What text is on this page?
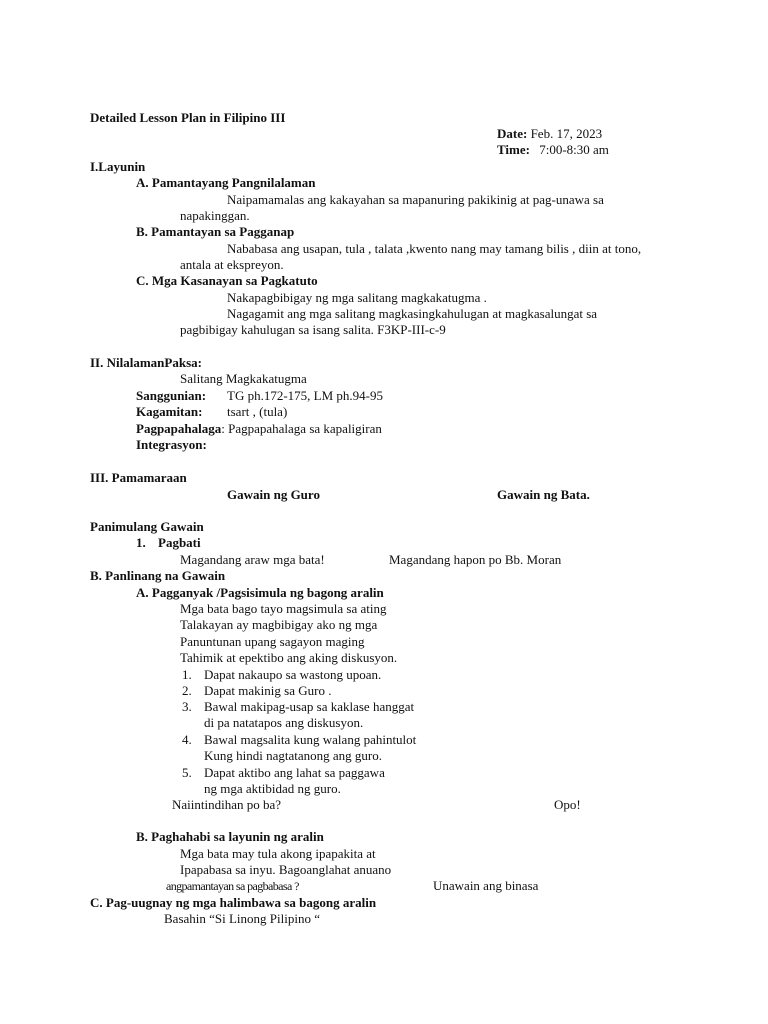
Detailed Lesson Plan in Filipino III
Date: Feb. 17, 2023
Time: 7:00-8:30 am
I.Layunin
A. Pamantayang Pangnilalaman
Naipamamalas ang kakayahan sa mapanuring pakikinig at pag-unawa sa
napakinggan.
B. Pamantayan sa Pagganap
Nababasa ang usapan, tula , talata ,kwento nang may tamang bilis , diin at tono,
antala at ekspreyon.
C. Mga Kasanayan sa Pagkatuto
Nakapagbibigay ng mga salitang magkakatugma .
Nagagamit ang mga salitang magkasingkahulugan at magkasalungat sa
pagbibigay kahulugan sa isang salita. F3KP-III-c-9
II. NilalamanPaksa:
Salitang Magkakatugma
Sanggunian: TG ph.172-175, LM ph.94-95
Kagamitan: tsart , (tula)
Pagpapahalaga: Pagpapahalaga sa kapaligiran
Integrasyon:
III. Pamamaraan
Gawain ng Guro	Gawain ng Bata.
Panimulang Gawain
1. Pagbati
Magandang araw mga bata!	Magandang hapon po Bb. Moran
B. Panlinang na Gawain
A. Pagganyak /Pagsisimula ng bagong aralin
Mga bata bago tayo magsimula sa ating
Talakayan ay magbibigay ako ng mga
Panuntunan upang sagayon maging
Tahimik at epektibo ang aking diskusyon.
1. Dapat nakaupo sa wastong upoan.
2. Dapat makinig sa Guro .
3. Bawal makipag-usap sa kaklase hanggat
di pa natatapos ang diskusyon.
4. Bawal magsalita kung walang pahintulot
Kung hindi nagtatanong ang guro.
5. Dapat aktibo ang lahat sa paggawa
ng mga aktibidad ng guro.
Naiintindihan po ba?	Opo!
B. Paghahabi sa layunin ng aralin
Mga bata may tula akong ipapakita at
Ipapabasa sa inyu. Bagoanglahat anuano
angpamantayan sa pagbabasa ?	Unawain ang binasa
C. Pag-uugnay ng mga halimbawa sa bagong aralin
Basahin “Si Linong Pilipino “
